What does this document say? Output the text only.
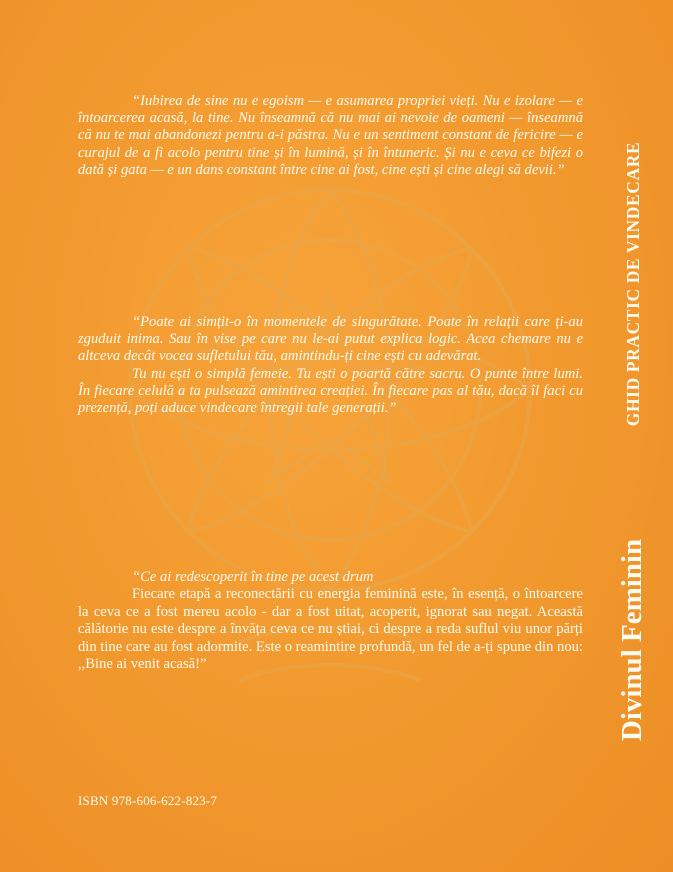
“Iubirea de sine nu e egoism — e asumarea propriei vieți. Nu e izolare — e întoarcerea acasă, la tine. Nu înseamnă că nu mai ai nevoie de oameni — înseamnă că nu te mai abandonezi pentru a-i păstra. Nu e un sentiment constant de fericire — e curajul de a fi acolo pentru tine și în lumină, și în întuneric. Și nu e ceva ce bifezi o dată și gata — e un dans constant între cine ai fost, cine ești și cine alegi să devii.”

“Poate ai simțit-o în momentele de singurătate. Poate în relații care ți-au zguduit inima. Sau în vise pe care nu le-ai putut explica logic. Acea chemare nu e altceva decât vocea sufletului tău, amintindu-ți cine ești cu adevărat.

Tu nu ești o simplă femeie. Tu ești o poartă către sacru. O punte între lumi. În fiecare celulă a ta pulsează amintirea creației. În fiecare pas al tău, dacă îl faci cu prezență, poți aduce vindecare întregii tale generații.”

“Ce ai redescoperit în tine pe acest drum

Fiecare etapă a reconectării cu energia feminină este, în esență, o întoarcere la ceva ce a fost mereu acolo - dar a fost uitat, acoperit, ignorat sau negat. Această călătorie nu este despre a învăța ceva ce nu știai, ci despre a reda suflul viu unor părți din tine care au fost adormite. Este o reamintire profundă, un fel de a-ți spune din nou: ,,Bine ai venit acasă!”

ISBN 978-606-622-823-7
GHID PRACTIC DE VINDECARE
Divinul Feminin
